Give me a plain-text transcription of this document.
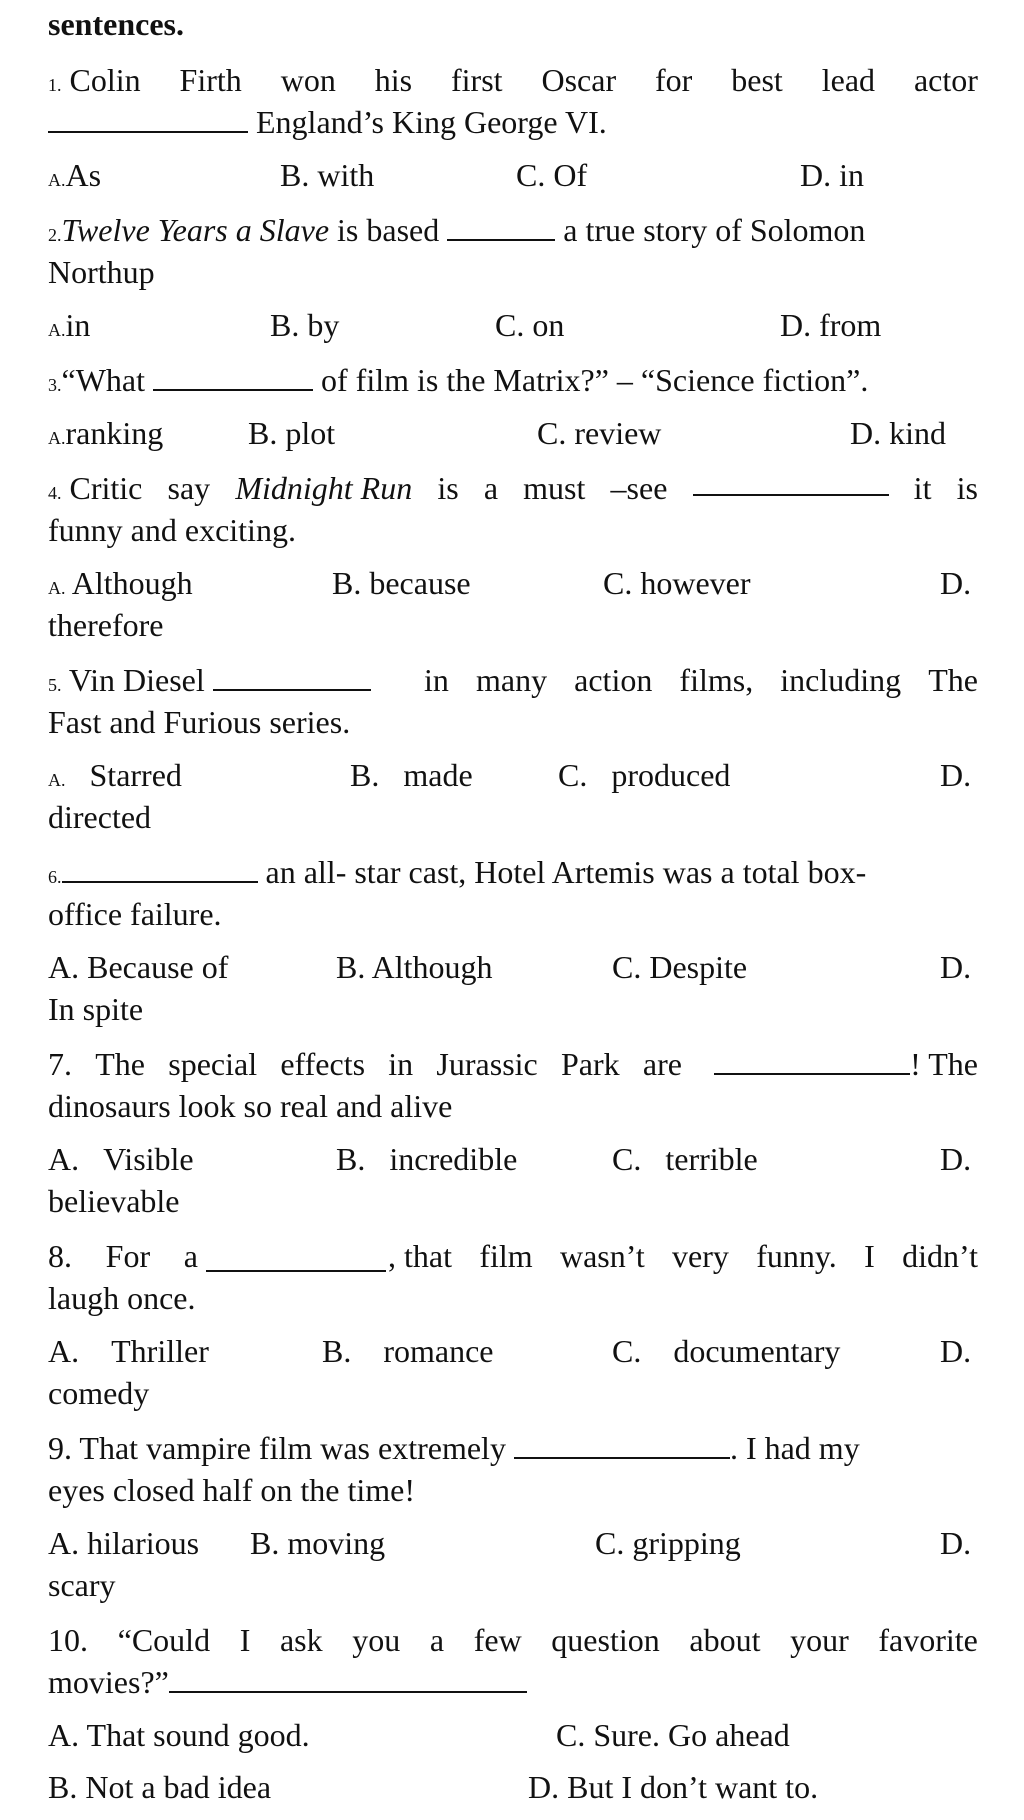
sentences.
1. Colin Firth won his first Oscar for best lead actor
England’s King George VI.
A.As	B. with	C. Of	D. in
2.Twelve Years a Slave is based	a true story of Solomon
Northup
A.in	B. by	C. on	D. from
3.“What	of film is the Matrix?” – “Science fiction”.
A.ranking	B. plot	C. review	D. kind
4. Critic say Midnight Run is a must –see	it is
funny and exciting.
A. Although	B. because	C. however	D.
therefore
5. Vin Diesel	in many action films, including The
Fast and Furious series.
A. Starred	B. made	C. produced	D.
directed
6.	an all- star cast, Hotel Artemis was a total box-
office failure.
A. Because of	B. Although	C. Despite	D.
In spite
7. The special effects in Jurassic Park are	! The
dinosaurs look so real and alive
A. Visible	B. incredible	C. terrible	D.
believable
8. For a	, that film wasn’t very funny. I didn’t
laugh once.
A. Thriller	B. romance	C. documentary	D.
comedy
9. That vampire film was extremely	. I had my
eyes closed half on the time!
A. hilarious B. moving	C. gripping	D.
scary
10. “Could I ask you a few question about your favorite
movies?”
A. That sound good.	C. Sure. Go ahead
B. Not a bad idea	D. But I don’t want to.
